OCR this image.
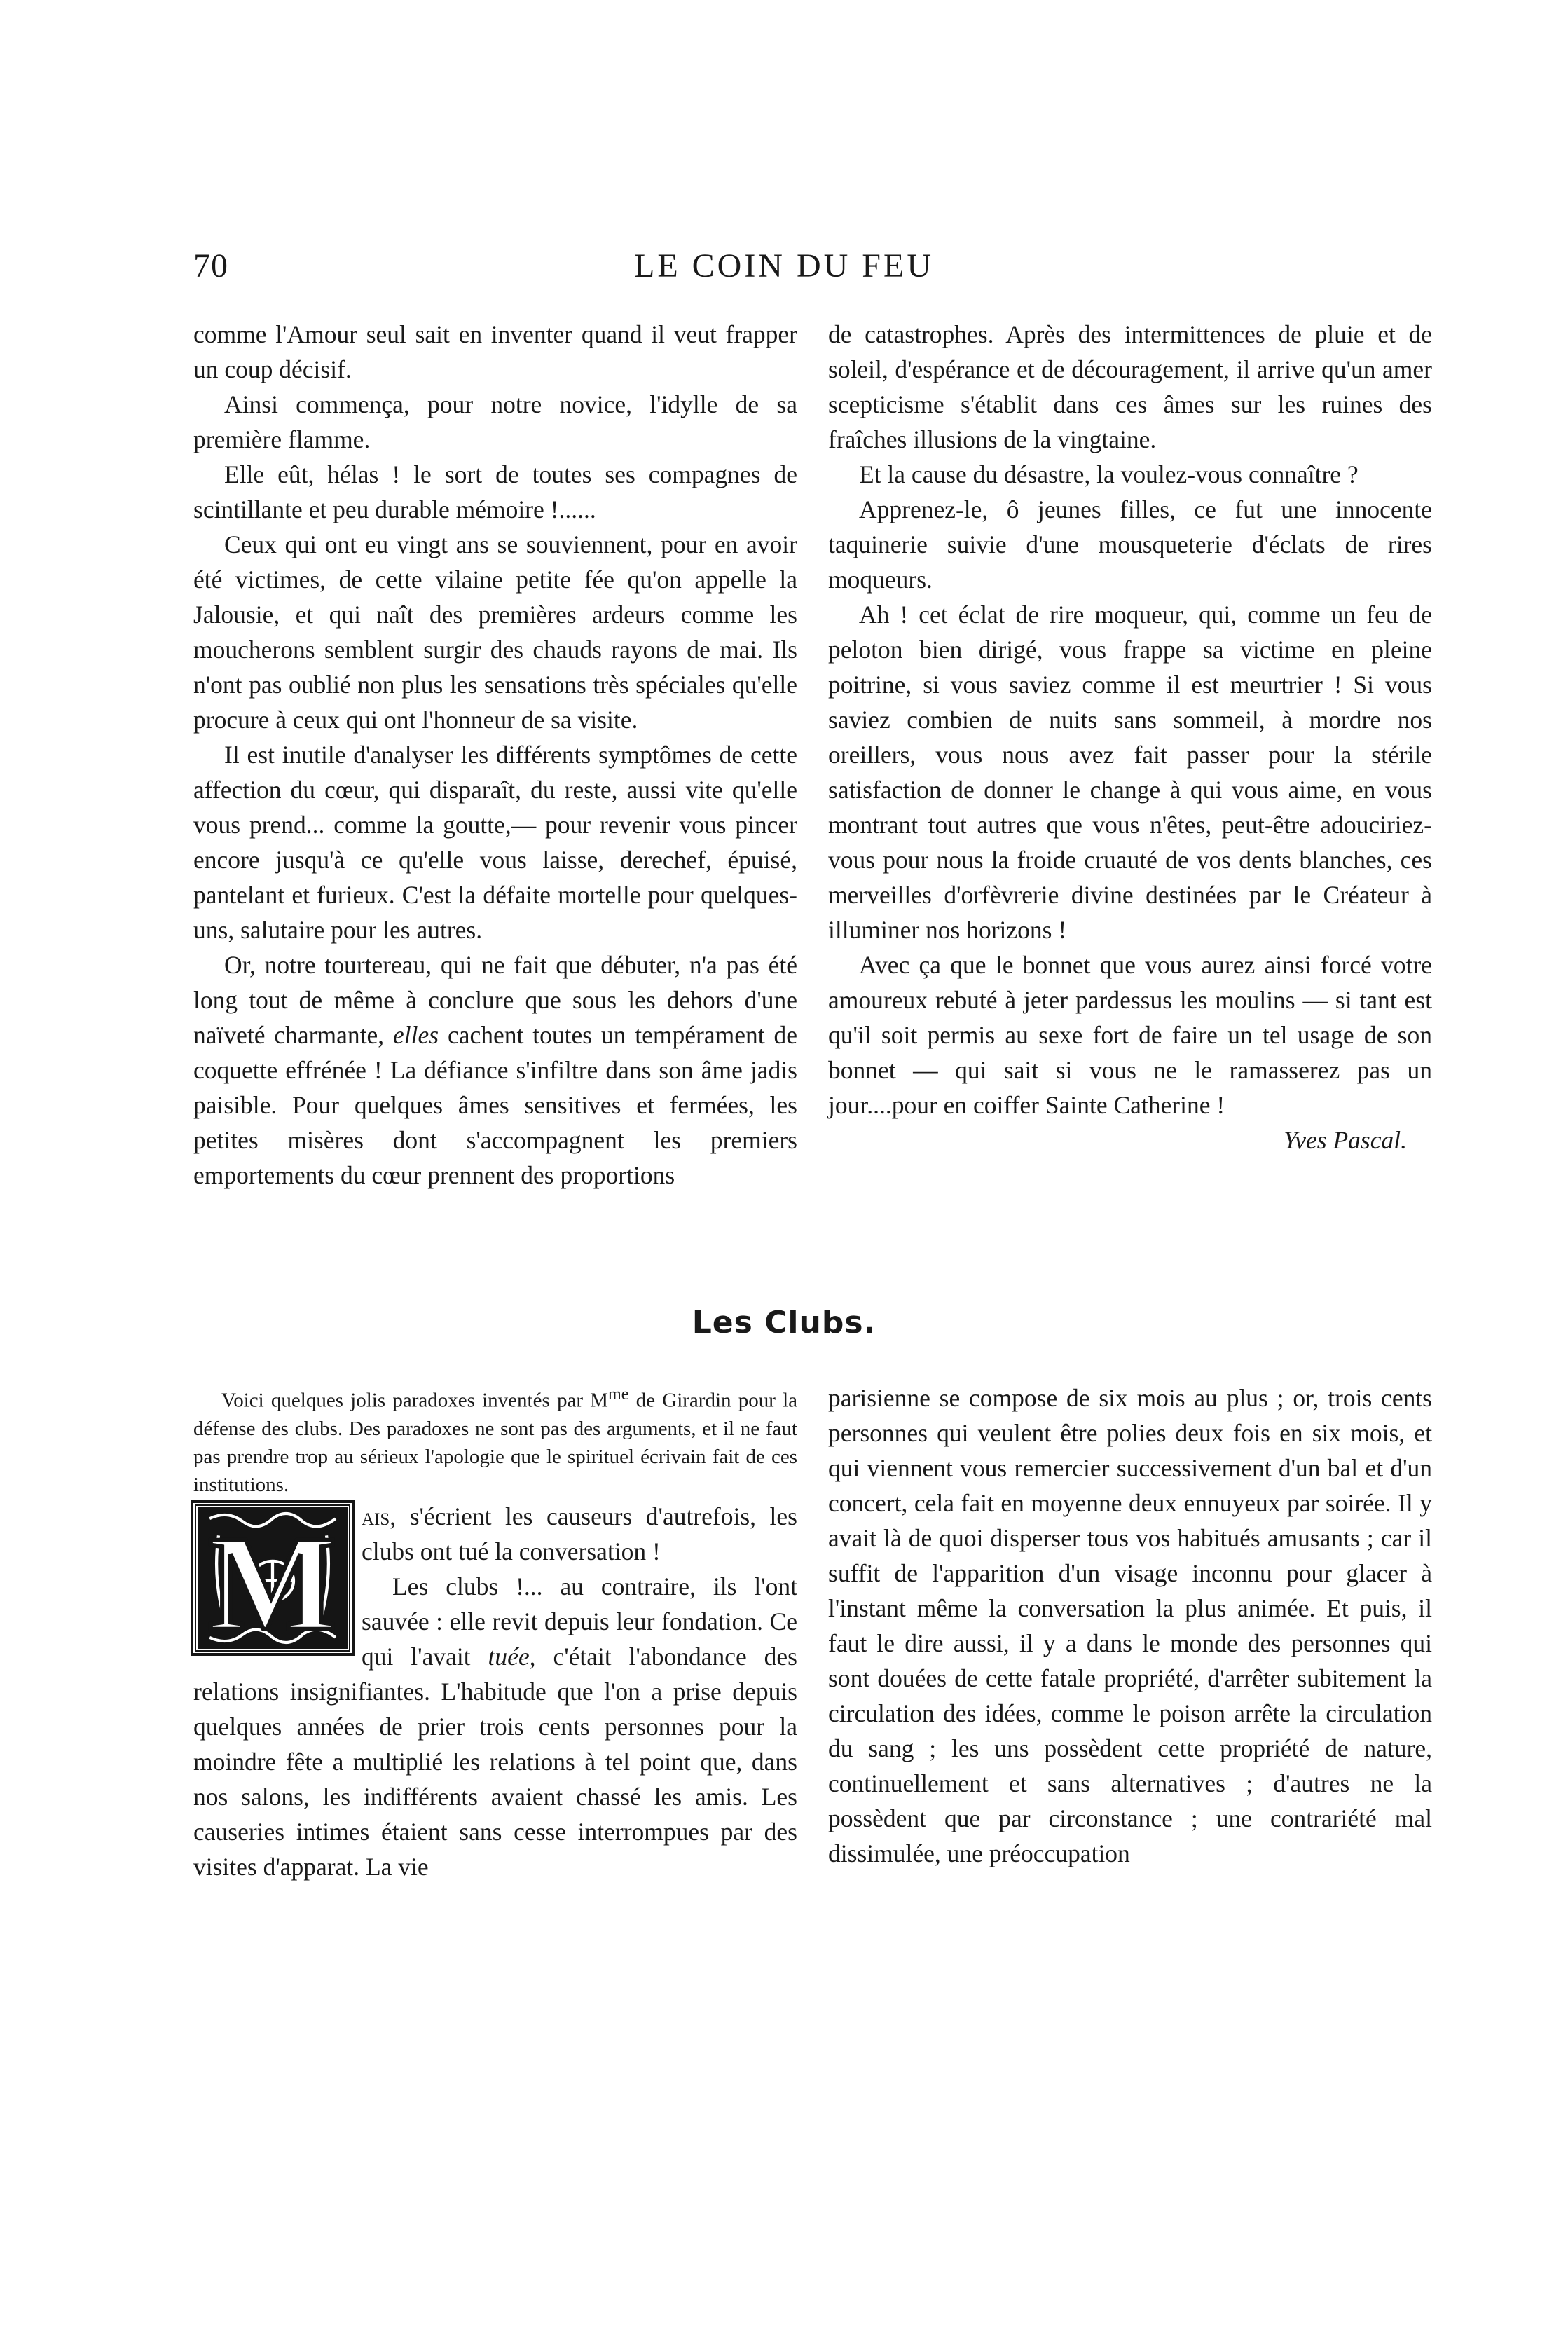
70	LE COIN DU FEU

comme l'Amour seul sait en inventer quand il veut frapper un coup décisif.

Ainsi commença, pour notre novice, l'idylle de sa première flamme.

Elle eût, hélas ! le sort de toutes ses compagnes de scintillante et peu durable mémoire !......

Ceux qui ont eu vingt ans se souviennent, pour en avoir été victimes, de cette vilaine petite fée qu'on appelle la Jalousie, et qui naît des premières ardeurs comme les moucherons semblent surgir des chauds rayons de mai. Ils n'ont pas oublié non plus les sensations très spéciales qu'elle procure à ceux qui ont l'honneur de sa visite.

Il est inutile d'analyser les différents symptômes de cette affection du cœur, qui disparaît, du reste, aussi vite qu'elle vous prend... comme la goutte,— pour revenir vous pincer encore jusqu'à ce qu'elle vous laisse, derechef, épuisé, pantelant et furieux. C'est la défaite mortelle pour quelques-uns, salutaire pour les autres.

Or, notre tourtereau, qui ne fait que débuter, n'a pas été long tout de même à conclure que sous les dehors d'une naïveté charmante, elles cachent toutes un tempérament de coquette effrénée ! La défiance s'infiltre dans son âme jadis paisible. Pour quelques âmes sensitives et fermées, les petites misères dont s'accompagnent les premiers emportements du cœur prennent des proportions

de catastrophes. Après des intermittences de pluie et de soleil, d'espérance et de découragement, il arrive qu'un amer scepticisme s'établit dans ces âmes sur les ruines des fraîches illusions de la vingtaine.

Et la cause du désastre, la voulez-vous connaître ?

Apprenez-le, ô jeunes filles, ce fut une innocente taquinerie suivie d'une mousqueterie d'éclats de rires moqueurs.

Ah ! cet éclat de rire moqueur, qui, comme un feu de peloton bien dirigé, vous frappe sa victime en pleine poitrine, si vous saviez comme il est meurtrier ! Si vous saviez combien de nuits sans sommeil, à mordre nos oreillers, vous nous avez fait passer pour la stérile satisfaction de donner le change à qui vous aime, en vous montrant tout autres que vous n'êtes, peut-être adouciriez-vous pour nous la froide cruauté de vos dents blanches, ces merveilles d'orfèvrerie divine destinées par le Créateur à illuminer nos horizons !

Avec ça que le bonnet que vous aurez ainsi forcé votre amoureux rebuté à jeter pardessus les moulins — si tant est qu'il soit permis au sexe fort de faire un tel usage de son bonnet — qui sait si vous ne le ramasserez pas un jour....pour en coiffer Sainte Catherine !

Yves Pascal.

Les Clubs.

Voici quelques jolis paradoxes inventés par $M^{me}$ de Girardin pour la défense des clubs. Des paradoxes ne sont pas des arguments, et il ne faut pas prendre trop au sérieux l'apologie que le spirituel écrivain fait de ces institutions.

M ais, s'écrient les causeurs d'autrefois, les clubs ont tué la conversation !

Les clubs !... au contraire, ils l'ont sauvée : elle revit depuis leur fondation. Ce qui l'avait tuée, c'était l'abondance des relations insignifiantes. L'habitude que l'on a prise depuis quelques années de prier trois cents personnes pour la moindre fête a multiplié les relations à tel point que, dans nos salons, les indifférents avaient chassé les amis. Les causeries intimes étaient sans cesse interrompues par des visites d'apparat. La vie

parisienne se compose de six mois au plus ; or, trois cents personnes qui veulent être polies deux fois en six mois, et qui viennent vous remercier successivement d'un bal et d'un concert, cela fait en moyenne deux ennuyeux par soirée. Il y avait là de quoi disperser tous vos habitués amusants ; car il suffit de l'apparition d'un visage inconnu pour glacer à l'instant même la conversation la plus animée. Et puis, il faut le dire aussi, il y a dans le monde des personnes qui sont douées de cette fatale propriété, d'arrêter subitement la circulation des idées, comme le poison arrête la circulation du sang ; les uns possèdent cette propriété de nature, continuellement et sans alternatives ; d'autres ne la possèdent que par circonstance ; une contrariété mal dissimulée, une préoccupation
